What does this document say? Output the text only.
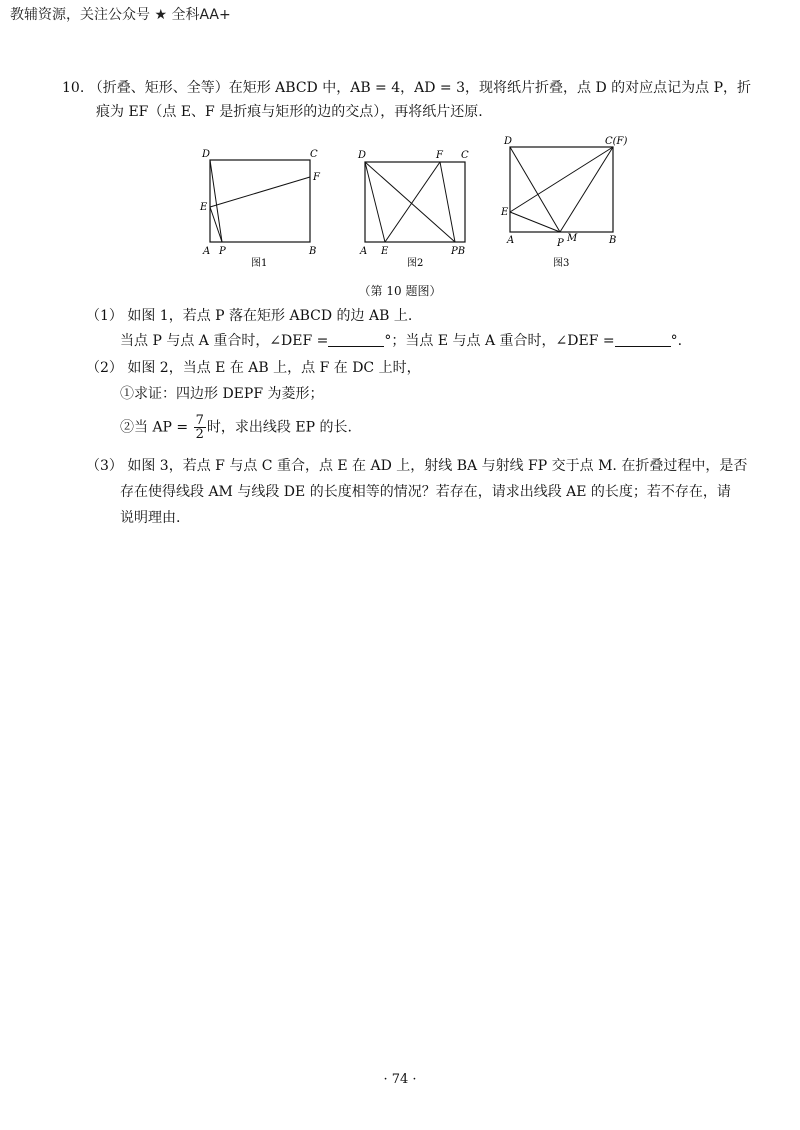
教辅资源，关注公众号 ★ 全科AA+
10. （折叠、矩形、全等）在矩形 ABCD 中，AB = 4，AD = 3，现将纸片折叠，点 D 的对应点记为点 P，折
痕为 EF（点 E、F 是折痕与矩形的边的交点），再将纸片还原.
D	C
F
E
A P	B
图1
D	F C
A E	PB
图2
D	C(F)
E
A	M	B
P
图3
（第 10 题图）
（1） 如图 1，若点 P 落在矩形 ABCD 的边 AB 上.
当点 P 与点 A 重合时，∠DEF =	°；当点 E 与点 A 重合时，∠DEF =	°.
（2） 如图 2，当点 E 在 AB 上，点 F 在 DC 上时，
①求证：四边形 DEPF 为菱形；
②当 AP = $\frac{7}{2}$ 时，求出线段 EP 的长.
（3） 如图 3，若点 F 与点 C 重合，点 E 在 AD 上，射线 BA 与射线 FP 交于点 M. 在折叠过程中，是否
存在使得线段 AM 与线段 DE 的长度相等的情况？若存在，请求出线段 AE 的长度；若不存在，请
说明理由.
· 74 ·
